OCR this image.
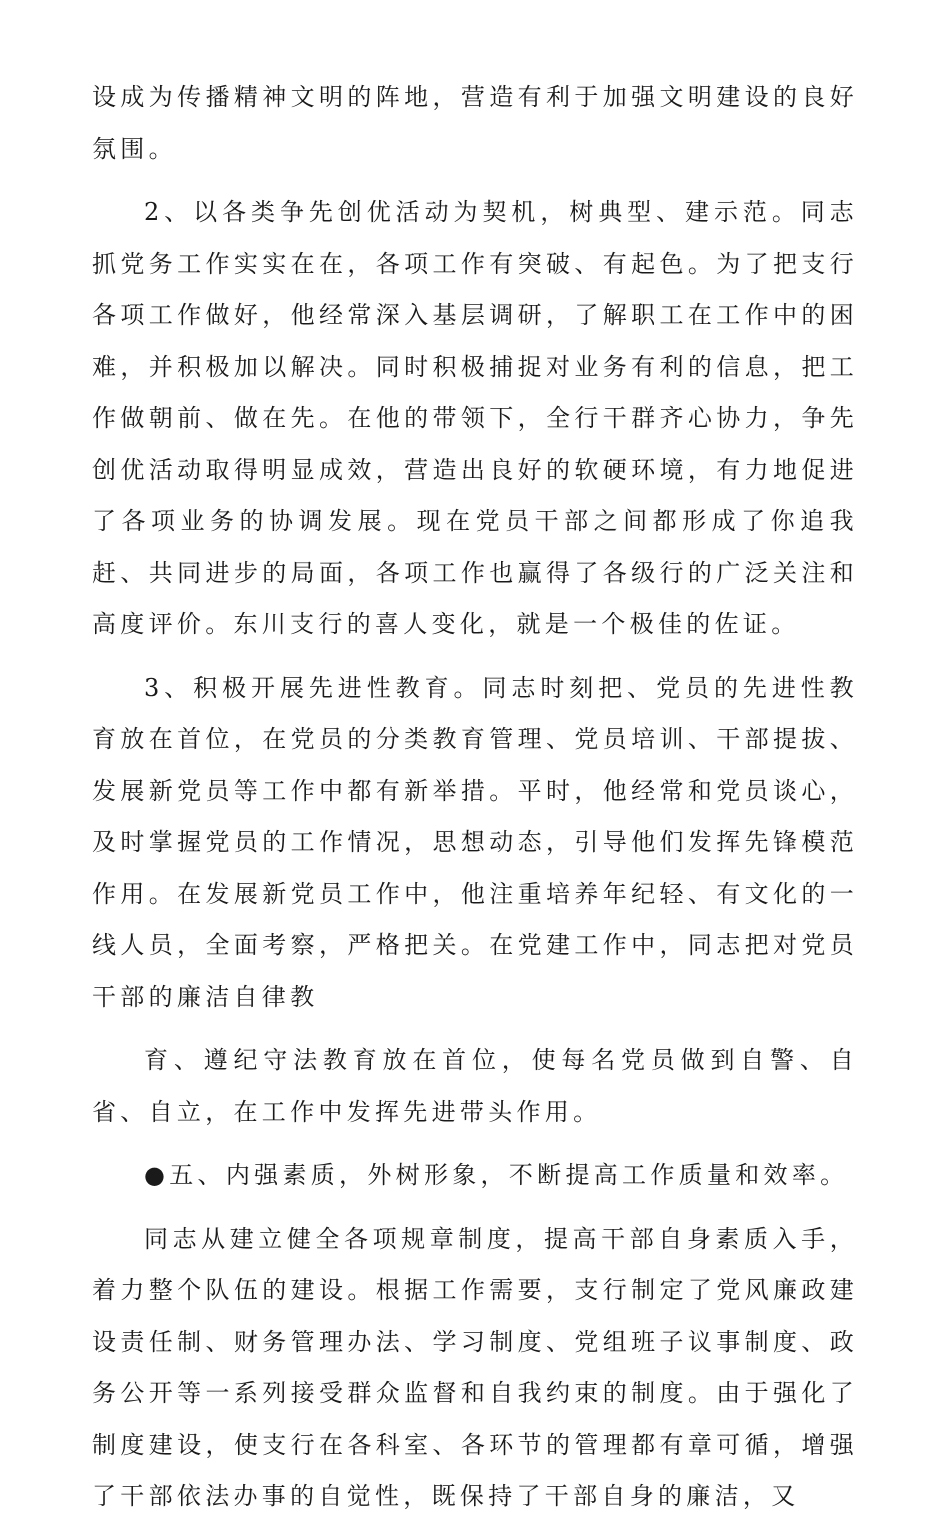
设成为传播精神文明的阵地，营造有利于加强文明建设的良好氛围。

2、以各类争先创优活动为契机，树典型、建示范。同志抓党务工作实实在在，各项工作有突破、有起色。为了把支行各项工作做好，他经常深入基层调研，了解职工在工作中的困难，并积极加以解决。同时积极捕捉对业务有利的信息，把工作做朝前、做在先。在他的带领下，全行干群齐心协力，争先创优活动取得明显成效，营造出良好的软硬环境，有力地促进了各项业务的协调发展。现在党员干部之间都形成了你追我赶、共同进步的局面，各项工作也赢得了各级行的广泛关注和高度评价。东川支行的喜人变化，就是一个极佳的佐证。

3、积极开展先进性教育。同志时刻把、党员的先进性教育放在首位，在党员的分类教育管理、党员培训、干部提拔、发展新党员等工作中都有新举措。平时，他经常和党员谈心，及时掌握党员的工作情况，思想动态，引导他们发挥先锋模范作用。在发展新党员工作中，他注重培养年纪轻、有文化的一线人员，全面考察，严格把关。在党建工作中，同志把对党员干部的廉洁自律教

育、遵纪守法教育放在首位，使每名党员做到自警、自省、自立，在工作中发挥先进带头作用。

●五、内强素质，外树形象，不断提高工作质量和效率。

同志从建立健全各项规章制度，提高干部自身素质入手，着力整个队伍的建设。根据工作需要，支行制定了党风廉政建设责任制、财务管理办法、学习制度、党组班子议事制度、政务公开等一系列接受群众监督和自我约束的制度。由于强化了制度建设，使支行在各科室、各环节的管理都有章可循，增强了干部依法办事的自觉性，既保持了干部自身的廉洁，又
